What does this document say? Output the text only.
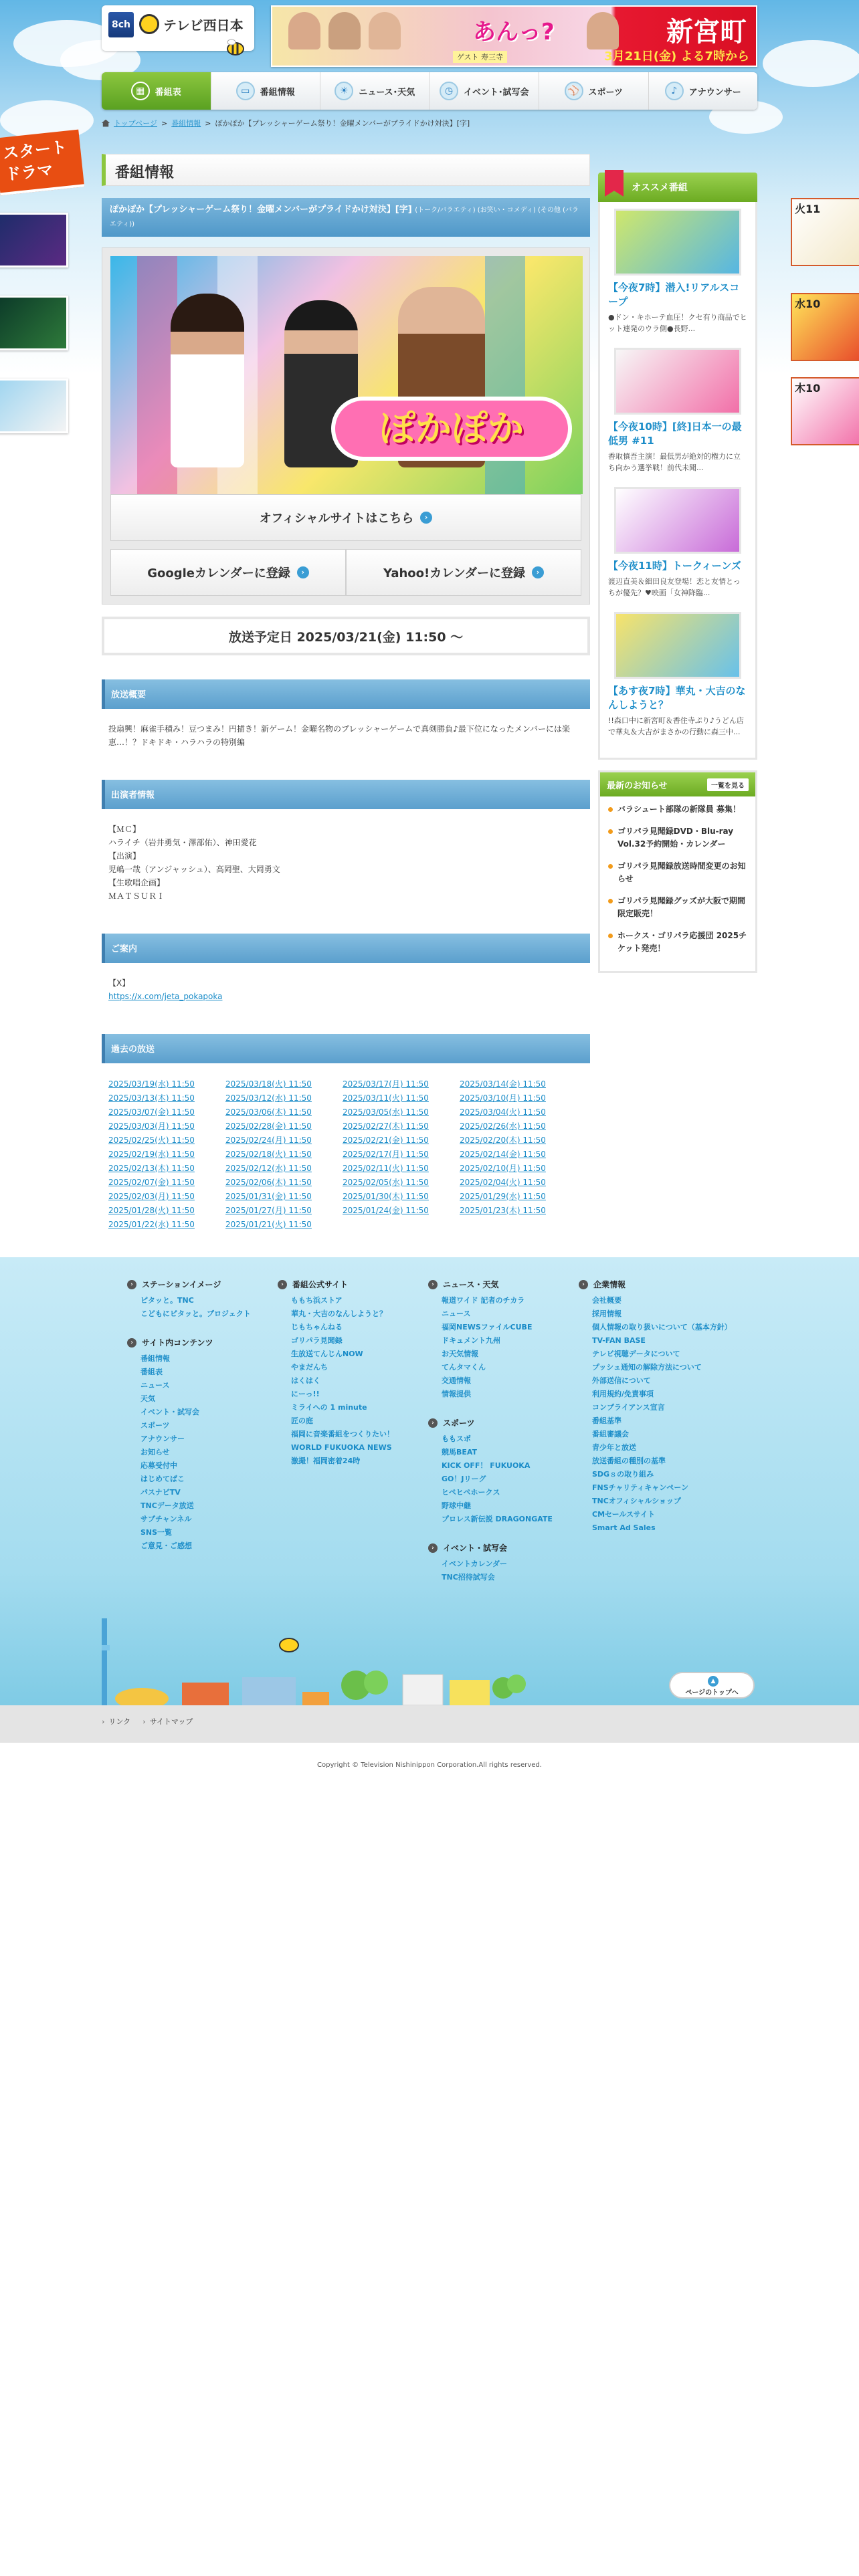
スタート
ドラマ
火11
水10
木10
8ch テレビ西日本	あんっ?
ゲスト 寿三寺
新宮町
3月21日(金) よる7時から
▦	番組表	▭	番組情報	☀	ニュース･天気	◷	イベント･試写会	⚾	スポーツ	♪	アナウンサー
トップページ > 番組情報 > ぽかぽか【プレッシャーゲーム祭り！金曜メンバーがプライドかけ対決】[字]
番組情報
ぽかぽか【プレッシャーゲーム祭り！金曜メンバーがプライドかけ対決】[字] (トーク/バラエティ) (お笑い・コメディ) (その他 (バラエティ))
ぽかぽか
オフィシャルサイトはこちら	›
Googleカレンダーに登録	›	Yahoo!カレンダーに登録	›
放送予定日 2025/03/21(金) 11:50 〜
放送概要
投扇興！麻雀手積み！豆つまみ！円描き！新ゲーム！金曜名物のプレッシャーゲームで真剣勝負♪最下位になったメンバーには楽恵…！？ドキドキ・ハラハラの特別編
出演者情報
【ＭＣ】
ハライチ（岩井勇気・澤部佑）、神田愛花
【出演】
児嶋一哉（アンジャッシュ）、高岡聖、大岡勇文
【生歌唱企画】
ＭＡＴＳＵＲＩ
ご案内
【X】
https://x.com/jeta_pokapoka
過去の放送
2025/03/19(水) 11:50	2025/03/18(火) 11:50	2025/03/17(月) 11:50	2025/03/14(金) 11:50
2025/03/13(木) 11:50	2025/03/12(水) 11:50	2025/03/11(火) 11:50	2025/03/10(月) 11:50
2025/03/07(金) 11:50	2025/03/06(木) 11:50	2025/03/05(水) 11:50	2025/03/04(火) 11:50
2025/03/03(月) 11:50	2025/02/28(金) 11:50	2025/02/27(木) 11:50	2025/02/26(水) 11:50
2025/02/25(火) 11:50	2025/02/24(月) 11:50	2025/02/21(金) 11:50	2025/02/20(木) 11:50
2025/02/19(水) 11:50	2025/02/18(火) 11:50	2025/02/17(月) 11:50	2025/02/14(金) 11:50
2025/02/13(木) 11:50	2025/02/12(水) 11:50	2025/02/11(火) 11:50	2025/02/10(月) 11:50
2025/02/07(金) 11:50	2025/02/06(木) 11:50	2025/02/05(水) 11:50	2025/02/04(火) 11:50
2025/02/03(月) 11:50	2025/01/31(金) 11:50	2025/01/30(木) 11:50	2025/01/29(水) 11:50
2025/01/28(火) 11:50	2025/01/27(月) 11:50	2025/01/24(金) 11:50	2025/01/23(木) 11:50
2025/01/22(水) 11:50	2025/01/21(火) 11:50
オススメ番組
【今夜7時】潜入!リアルスコープ
●ドン・キホーテ血圧！クセ有り商品でヒット連発のウラ側●長野...
【今夜10時】[終]日本一の最低男 #11
香取慎吾主演！最低男が絶対的権力に立ち向かう選挙戦！前代未聞...
【今夜11時】トークィーンズ
渡辺直美＆細田良友登場！恋と友情とっちが優先？♥映画「女神降臨...
【あす夜7時】華丸・大吉のなんしようと？
!!森口中に新宮町＆香住寺ぷり♪うどん店で華丸＆大吉がまさかの行動に森三中...
最新のお知らせ	一覧を見る
バラシュート部隊の新隊員 募集！
ゴリパラ見聞録DVD・Blu-ray Vol.32予約開始・カレンダー
ゴリパラ見聞録放送時間変更のお知らせ
ゴリパラ見聞録グッズが大阪で期間限定販売！
ホークス・ゴリパラ応援団 2025チケット発売！
›	ステーションイメージ
ピタッと。TNC
こどもにピタッと。プロジェクト
›	サイト内コンテンツ
番組情報
番組表
ニュース
天気
イベント・試写会
スポーツ
アナウンサー
お知らせ
応募受付中
はじめてばこ
パスナビTV
TNCデータ放送
サブチャンネル
SNS一覧
ご意見・ご感想
›	番組公式サイト
ももち浜ストア
華丸・大吉のなんしようと？
じもちゃんねる
ゴリパラ見聞録
生放送てんじんNOW
やまだんち
はくはく
にーっ!!
ミライへの 1 minute
匠の庭
福岡に音楽番組をつくりたい！
WORLD FUKUOKA NEWS
激撮！福岡密着24時
›	ニュース・天気
報道ワイド 記者のチカラ
ニュース
福岡NEWSファイルCUBE
ドキュメント九州
お天気情報
てんタマくん
交通情報
情報提供
›	スポーツ
ももスポ
競馬BEAT
KICK OFF！ FUKUOKA
GO！Jリーグ
ヒペヒペホークス
野球中継
プロレス新伝説 DRAGONGATE
›	イベント・試写会
イベントカレンダー
TNC招待試写会
›	企業情報
会社概要
採用情報
個人情報の取り扱いについて（基本方針）
TV-FAN BASE
テレビ視聴データについて
プッシュ通知の解除方法について
外部送信について
利用規約/免責事項
コンプライアンス宣言
番組基準
番組審議会
青少年と放送
放送番組の種別の基準
SDGｓの取り組み
FNSチャリティキャンペーン
TNCオフィシャルショップ
CMセールスサイト
Smart Ad Sales
▲
ページのトップへ
› リンク	› サイトマップ
Copyright © Television Nishinippon Corporation.All rights reserved.
